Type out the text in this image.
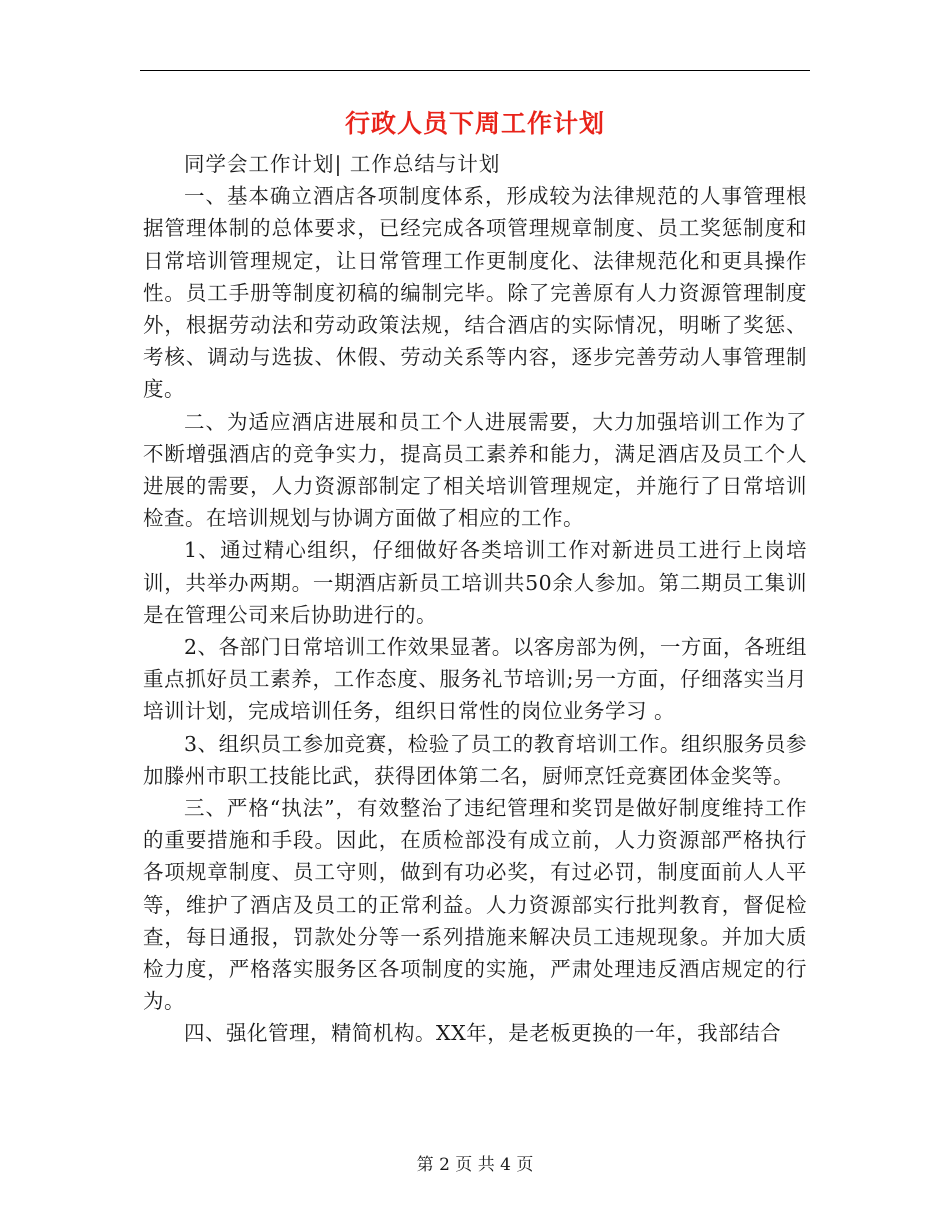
行政人员下周工作计划

同学会工作计划| 工作总结与计划

一、基本确立酒店各项制度体系，形成较为法律规范的人事管理根据管理体制的总体要求，已经完成各项管理规章制度、员工奖惩制度和日常培训管理规定，让日常管理工作更制度化、法律规范化和更具操作性。员工手册等制度初稿的编制完毕。除了完善原有人力资源管理制度外，根据劳动法和劳动政策法规，结合酒店的实际情况，明晰了奖惩、考核、调动与选拔、休假、劳动关系等内容，逐步完善劳动人事管理制度。

二、为适应酒店进展和员工个人进展需要，大力加强培训工作为了不断增强酒店的竞争实力，提高员工素养和能力，满足酒店及员工个人进展的需要，人力资源部制定了相关培训管理规定，并施行了日常培训检查。在培训规划与协调方面做了相应的工作。

1、通过精心组织，仔细做好各类培训工作对新进员工进行上岗培训，共举办两期。一期酒店新员工培训共50余人参加。第二期员工集训是在管理公司来后协助进行的。

2、各部门日常培训工作效果显著。以客房部为例，一方面，各班组重点抓好员工素养，工作态度、服务礼节培训;另一方面，仔细落实当月培训计划，完成培训任务，组织日常性的岗位业务学习 。

3、组织员工参加竞赛，检验了员工的教育培训工作。组织服务员参加滕州市职工技能比武，获得团体第二名，厨师烹饪竞赛团体金奖等。

三、严格“执法”，有效整治了违纪管理和奖罚是做好制度维持工作的重要措施和手段。因此，在质检部没有成立前，人力资源部严格执行各项规章制度、员工守则，做到有功必奖，有过必罚，制度面前人人平等，维护了酒店及员工的正常利益。人力资源部实行批判教育，督促检查，每日通报，罚款处分等一系列措施来解决员工违规现象。并加大质检力度，严格落实服务区各项制度的实施，严肃处理违反酒店规定的行为。

四、强化管理，精简机构。XX年，是老板更换的一年，我部结合

第 2 页 共 4 页
